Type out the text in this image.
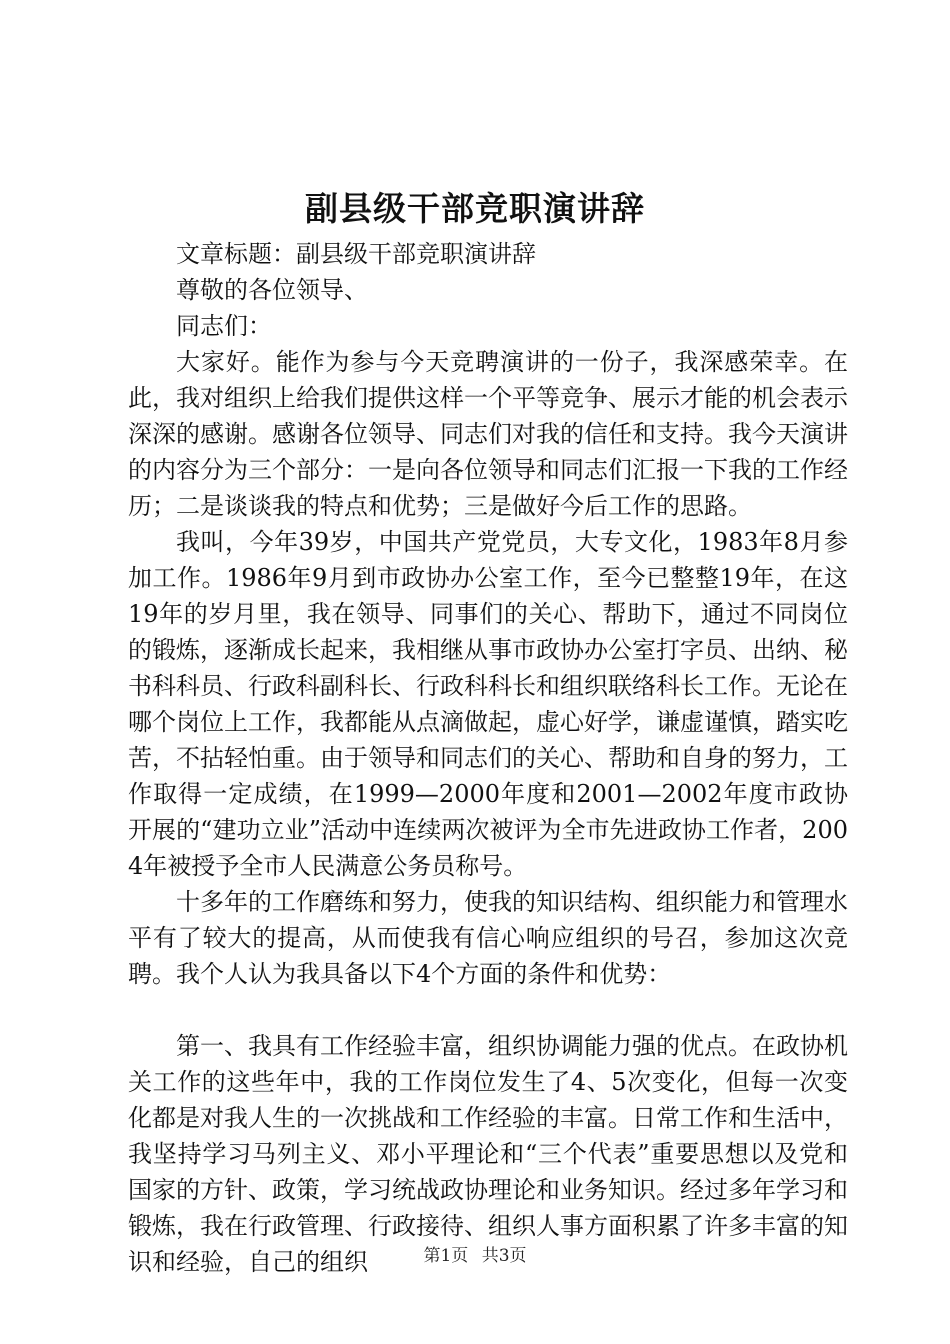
副县级干部竞职演讲辞

文章标题：副县级干部竞职演讲辞

尊敬的各位领导、

同志们：

大家好。能作为参与今天竞聘演讲的一份子，我深感荣幸。在此，我对组织上给我们提供这样一个平等竞争、展示才能的机会表示深深的感谢。感谢各位领导、同志们对我的信任和支持。我今天演讲的内容分为三个部分：一是向各位领导和同志们汇报一下我的工作经历；二是谈谈我的特点和优势；三是做好今后工作的思路。

我叫，今年39岁，中国共产党党员，大专文化，1983年8月参加工作。1986年9月到市政协办公室工作，至今已整整19年，在这19年的岁月里，我在领导、同事们的关心、帮助下，通过不同岗位的锻炼，逐渐成长起来，我相继从事市政协办公室打字员、出纳、秘书科科员、行政科副科长、行政科科长和组织联络科长工作。无论在哪个岗位上工作，我都能从点滴做起，虚心好学，谦虚谨慎，踏实吃苦，不拈轻怕重。由于领导和同志们的关心、帮助和自身的努力，工作取得一定成绩，在1999—2000年度和2001—2002年度市政协开展的“建功立业”活动中连续两次被评为全市先进政协工作者，2004年被授予全市人民满意公务员称号。

十多年的工作磨练和努力，使我的知识结构、组织能力和管理水平有了较大的提高，从而使我有信心响应组织的号召，参加这次竞聘。我个人认为我具备以下4个方面的条件和优势：

第一、我具有工作经验丰富，组织协调能力强的优点。在政协机关工作的这些年中，我的工作岗位发生了4、5次变化，但每一次变化都是对我人生的一次挑战和工作经验的丰富。日常工作和生活中，我坚持学习马列主义、邓小平理论和“三个代表”重要思想以及党和国家的方针、政策，学习统战政协理论和业务知识。经过多年学习和锻炼，我在行政管理、行政接待、组织人事方面积累了许多丰富的知识和经验，自己的组织	第1页 共3页
